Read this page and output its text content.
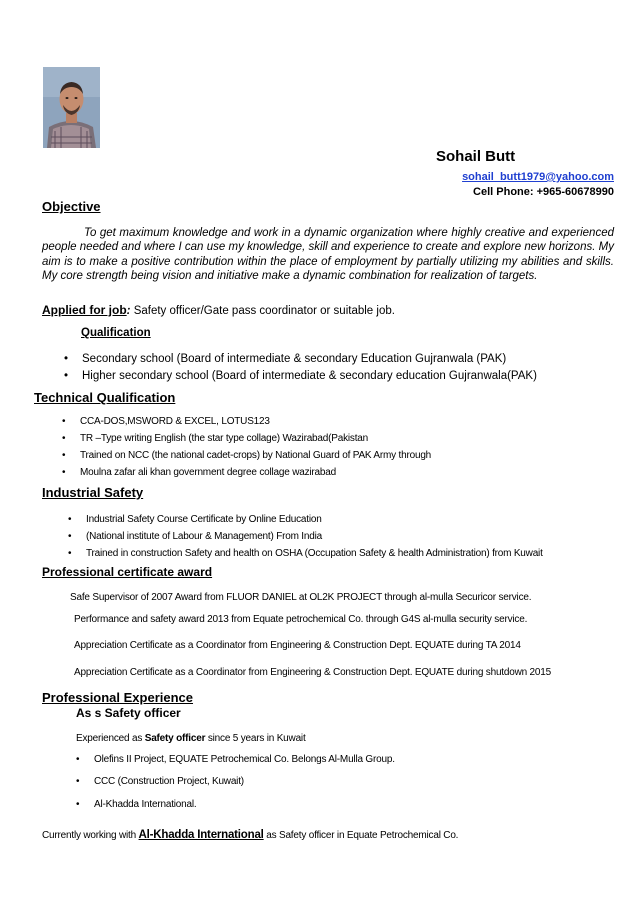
Sohail Butt
sohail_butt1979@yahoo.com
Cell Phone: +965-60678990
Objective
To get maximum knowledge and work in a dynamic organization where highly creative and experienced people needed and where I can use my knowledge, skill and experience to create and explore new horizons. My aim is to make a positive contribution within the place of employment by partially utilizing my abilities and skills. My core strength being vision and initiative make a dynamic combination for realization of targets.
Applied for job: Safety officer/Gate pass coordinator or suitable job.
Qualification
• Secondary school (Board of intermediate & secondary Education Gujranwala (PAK)
• Higher secondary school (Board of intermediate & secondary education Gujranwala(PAK)
Technical Qualification
• CCA-DOS,MSWORD & EXCEL, LOTUS123
• TR –Type writing English (the star type collage) Wazirabad(Pakistan
• Trained on NCC (the national cadet-crops) by National Guard of PAK Army through
• Moulna zafar ali khan government degree collage wazirabad
Industrial Safety
• Industrial Safety Course Certificate by Online Education
• (National institute of Labour & Management) From India
• Trained in construction Safety and health on OSHA (Occupation Safety & health Administration) from Kuwait
Professional certificate award
Safe Supervisor of 2007 Award from FLUOR DANIEL at OL2K PROJECT through al-mulla Securicor service.
Performance and safety award 2013 from Equate petrochemical Co. through G4S al-mulla security service.
Appreciation Certificate as a Coordinator from Engineering & Construction Dept. EQUATE during TA 2014
Appreciation Certificate as a Coordinator from Engineering & Construction Dept. EQUATE during shutdown 2015
Professional Experience
As s Safety officer
Experienced as Safety officer since 5 years in Kuwait
• Olefins II Project, EQUATE Petrochemical Co. Belongs Al-Mulla Group.
• CCC (Construction Project, Kuwait)
• Al-Khadda International.
Currently working with Al-Khadda International as Safety officer in Equate Petrochemical Co.
